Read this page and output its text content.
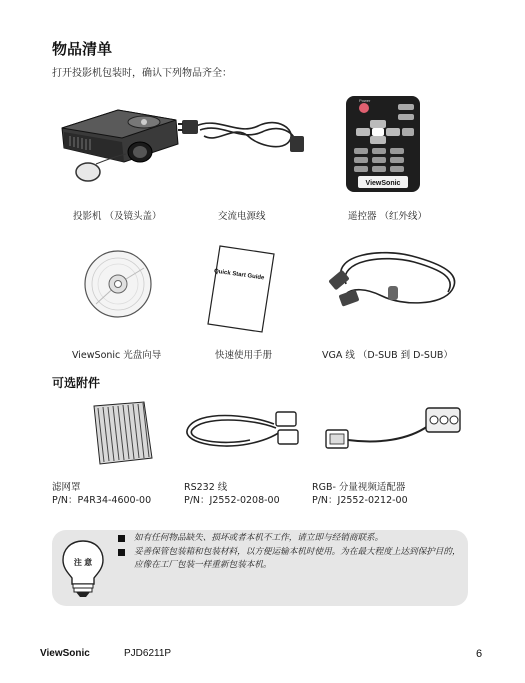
物品清单
打开投影机包装时，确认下列物品齐全：
Power
ViewSonic
投影机 （及镜头盖）	交流电源线	遥控器 （红外线）
Quick Start Guide
ViewSonic 光盘向导	快速使用手册	VGA 线 （D-SUB 到 D-SUB）
可选附件
滤网罩
P/N：P4R34-4600-00
RS232 线
P/N：J2552-0208-00
RGB- 分量视频适配器
P/N：J2552-0212-00
注 意
如有任何物品缺失、损坏或者本机不工作，请立即与经销商联系。
妥善保管包装箱和包装材料，以方便运输本机时使用。为在最大程度上达到保护目的，应像在工厂包装一样重新包装本机。
ViewSonic	PJD6211P	6
